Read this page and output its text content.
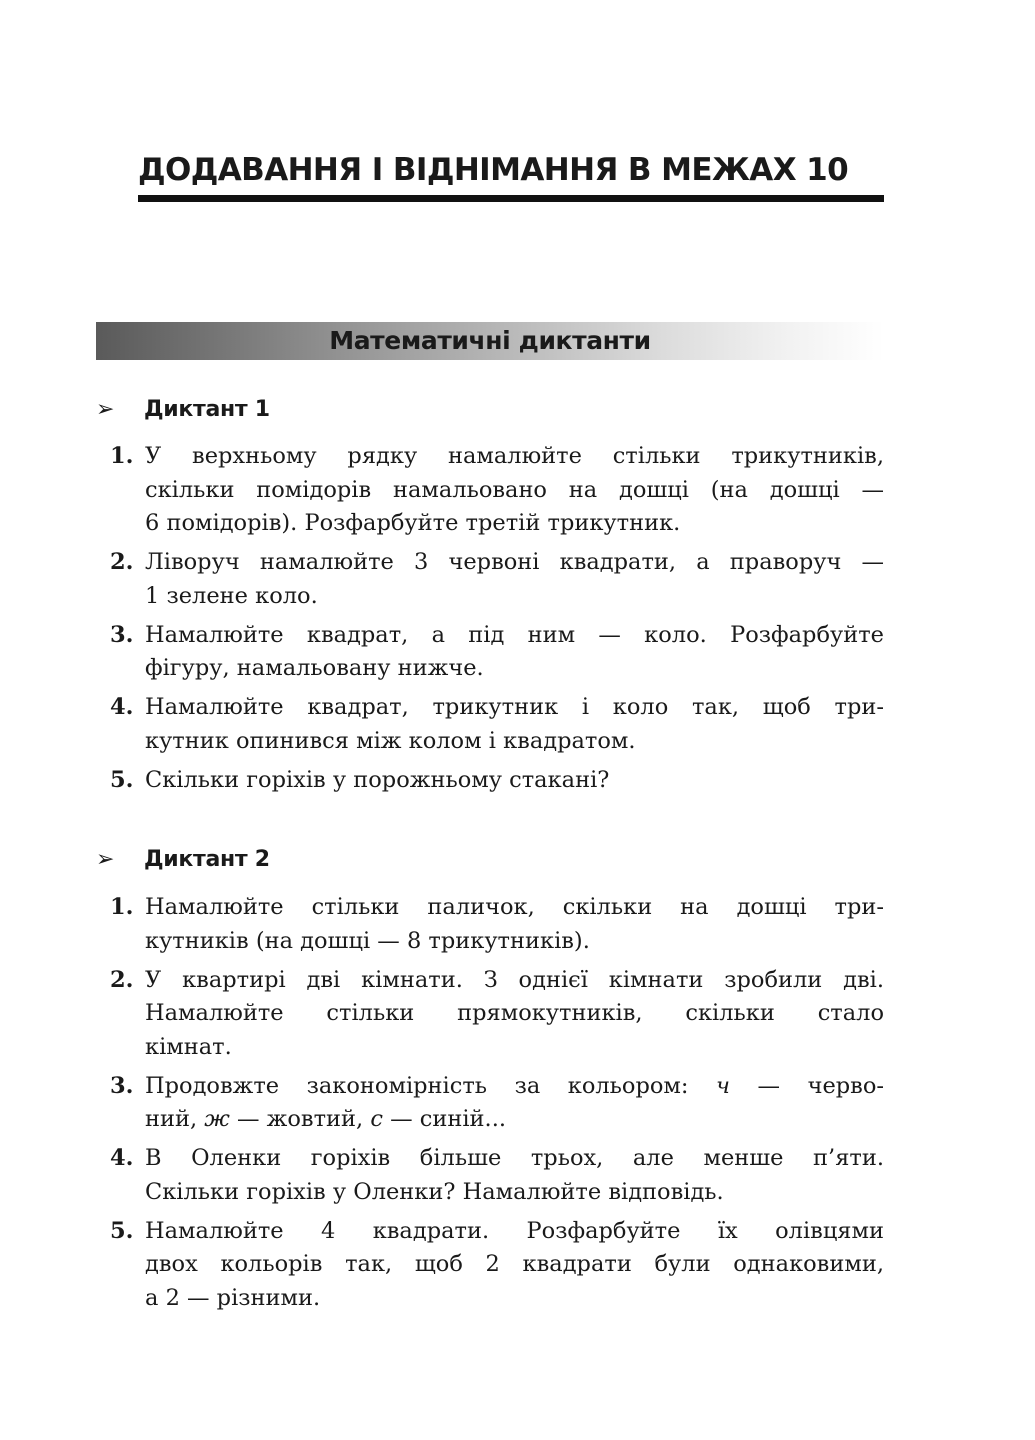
ДОДАВАННЯ І ВІДНІМАННЯ В МЕЖАХ 10
Математичні диктанти
➢	Диктант 1
1. У верхньому рядку намалюйте стільки трикутників,
скільки помідорів намальовано на дошці (на дошці —
6 помідорів). Розфарбуйте третій трикутник.
2. Ліворуч намалюйте 3 червоні квадрати, а праворуч —
1 зелене коло.
3. Намалюйте квадрат, а під ним — коло. Розфарбуйте
фігуру, намальовану нижче.
4. Намалюйте квадрат, трикутник і коло так, щоб три-
кутник опинився між колом і квадратом.
5. Скільки горіхів у порожньому стакані?
➢	Диктант 2
1. Намалюйте стільки паличок, скільки на дошці три-
кутників (на дошці — 8 трикутників).
2. У квартирі дві кімнати. З однієї кімнати зробили дві.
Намалюйте стільки прямокутників, скільки стало
кімнат.
3. Продовжте закономірність за кольором: ч — черво-
ний, ж — жовтий, с — синій...
4. В Оленки горіхів більше трьох, але менше п’яти.
Скільки горіхів у Оленки? Намалюйте відповідь.
5. Намалюйте 4 квадрати. Розфарбуйте їх олівцями
двох кольорів так, щоб 2 квадрати були однаковими,
а 2 — різними.
